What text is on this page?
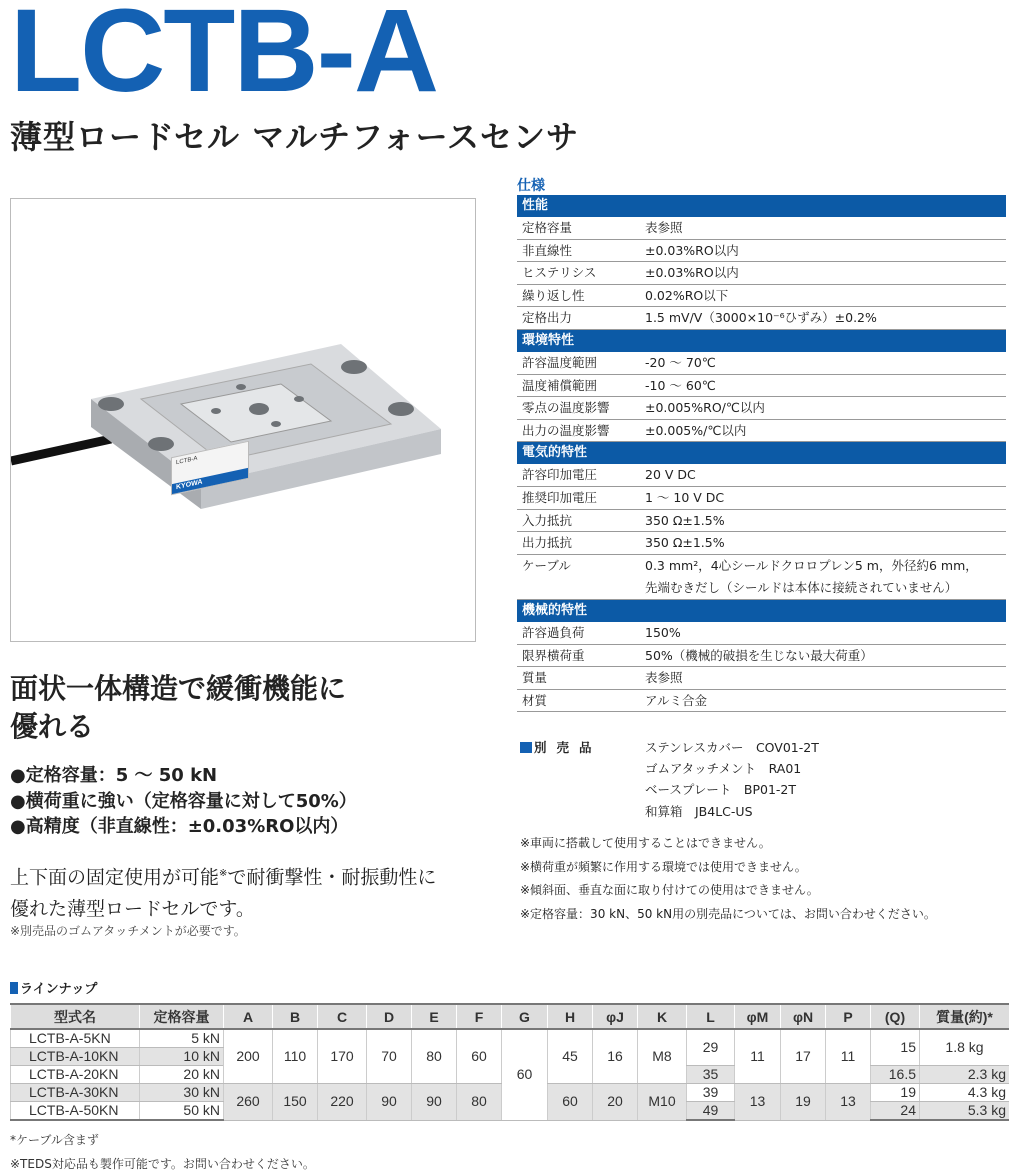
LCTB-A
薄型ロードセル マルチフォースセンサ
LCTB-A
KYOWA
仕様
性能
定格容量	表参照
非直線性	±0.03%RO以内
ヒステリシス	±0.03%RO以内
繰り返し性	0.02%RO以下
定格出力	1.5 mV/V（3000×10⁻⁶ひずみ）±0.2%
環境特性
許容温度範囲	-20 ～ 70℃
温度補償範囲	-10 ～ 60℃
零点の温度影響	±0.005%RO/℃以内
出力の温度影響	±0.005%/℃以内
電気的特性
許容印加電圧	20 V DC
推奨印加電圧	1 ～ 10 V DC
入力抵抗	350 Ω±1.5%
出力抵抗	350 Ω±1.5%
ケーブル	0.3 mm²，4心シールドクロロプレン5 m，外径約6 mm，
先端むきだし（シールドは本体に接続されていません）
機械的特性
許容過負荷	150%
限界横荷重	50%（機械的破損を生じない最大荷重）
質量	表参照
材質	アルミ合金
別売品	ステンレスカバー　COV01-2T
ゴムアタッチメント　RA01
ベースプレート　BP01-2T
和算箱　JB4LC-US
※車両に搭載して使用することはできません。
※横荷重が頻繁に作用する環境では使用できません。
※傾斜面、垂直な面に取り付けての使用はできません。
※定格容量：30 kN、50 kN用の別売品については、お問い合わせください。
面状一体構造で緩衝機能に
優れる
●定格容量：5 ～ 50 kN
●横荷重に強い（定格容量に対して50%）
●高精度（非直線性：±0.03%RO以内）
上下面の固定使用が可能※で耐衝撃性・耐振動性に
優れた薄型ロードセルです。
※別売品のゴムアタッチメントが必要です。
ラインナップ
型式名	定格容量	A	B	C	D	E	F	G	H	φJ	K	L	φM	φN	P	(Q)	質量(約)*
LCTB-A-5KN	5 kN	200	110	170	70	80	60	60	45	16	M8	29	11	17	11	15	1.8 kg
LCTB-A-10KN	10 kN																
LCTB-A-20KN	20 kN											35				16.5	2.3 kg
LCTB-A-30KN	30 kN	260	150	220	90	90	80		60	20	M10	39	13	19	13	19	4.3 kg
LCTB-A-50KN	50 kN											49				24	5.3 kg
*ケーブル含まず
※TEDS対応品も製作可能です。お問い合わせください。
